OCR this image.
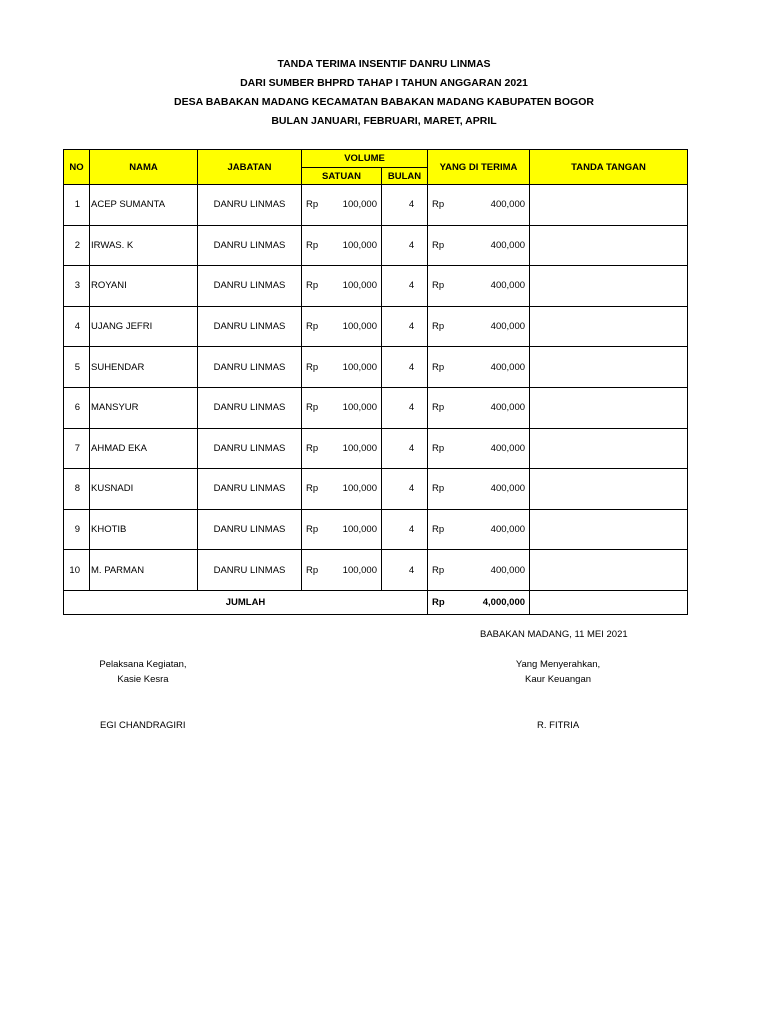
TANDA TERIMA INSENTIF DANRU LINMAS
DARI SUMBER BHPRD TAHAP I TAHUN ANGGARAN 2021
DESA BABAKAN MADANG KECAMATAN BABAKAN MADANG KABUPATEN BOGOR
BULAN JANUARI, FEBRUARI, MARET, APRIL
NO	NAMA	JABATAN	VOLUME		YANG DI TERIMA	TANDA TANGAN
			SATUAN	BULAN		
1	ACEP SUMANTA	DANRU LINMAS	Rp 100,000	4	Rp 400,000	

2	IRWAS. K	DANRU LINMAS	Rp 100,000	4	Rp 400,000	

3	ROYANI	DANRU LINMAS	Rp 100,000	4	Rp 400,000	

4	UJANG JEFRI	DANRU LINMAS	Rp 100,000	4	Rp 400,000	

5	SUHENDAR	DANRU LINMAS	Rp 100,000	4	Rp 400,000	

6	MANSYUR	DANRU LINMAS	Rp 100,000	4	Rp 400,000	

7	AHMAD EKA	DANRU LINMAS	Rp 100,000	4	Rp 400,000	

8	KUSNADI	DANRU LINMAS	Rp 100,000	4	Rp 400,000	

9	KHOTIB	DANRU LINMAS	Rp 100,000	4	Rp 400,000	

10	M. PARMAN	DANRU LINMAS	Rp 100,000	4	Rp 400,000	

JUMLAH					Rp 4,000,000	

BABAKAN MADANG, 11 MEI 2021
Pelaksana Kegiatan,
Kasie Kesra
Yang Menyerahkan,
Kaur Keuangan
EGI CHANDRAGIRI	R. FITRIA
